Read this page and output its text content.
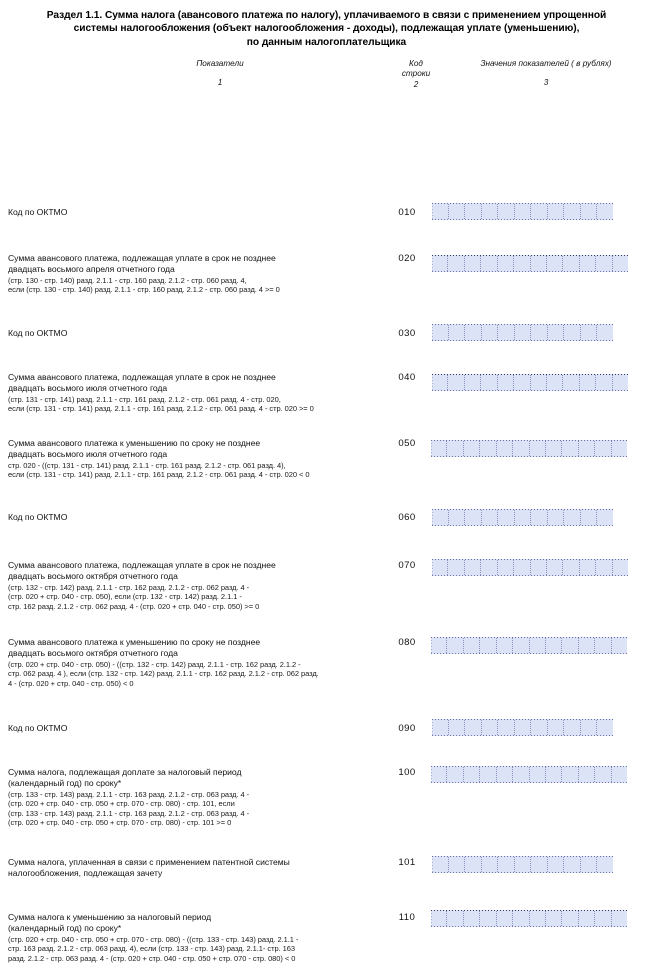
Раздел 1.1. Сумма налога (авансового платежа по налогу), уплачиваемого в связи с применением упрощенной
системы налогообложения (объект налогообложения - доходы), подлежащая уплате (уменьшению),
по данным налогоплательщика
Показатели
1
Код
строки
2
Значения показателей ( в рублях)
3
Код по ОКТМО	010
Сумма авансового платежа, подлежащая уплате в срок не позднее
двадцать восьмого апреля отчетного года
(стр. 130 - стр. 140) разд. 2.1.1 - стр. 160 разд. 2.1.2 - стр. 060 разд. 4,
если (стр. 130 - стр. 140) разд. 2.1.1 - стр. 160 разд. 2.1.2 - стр. 060 разд. 4 >= 0
020
Код по ОКТМО	030
Сумма авансового платежа, подлежащая уплате в срок не позднее
двадцать восьмого июля отчетного года
(стр. 131 - стр. 141) разд. 2.1.1 - стр. 161 разд. 2.1.2 - стр. 061 разд. 4 - стр. 020,
если (стр. 131 - стр. 141) разд. 2.1.1 - стр. 161 разд. 2.1.2 - стр. 061 разд. 4 - стр. 020 >= 0
040
Сумма авансового платежа к уменьшению по сроку не позднее
двадцать восьмого июля отчетного года
стр. 020 - ((стр. 131 - стр. 141) разд. 2.1.1 - стр. 161 разд. 2.1.2 - стр. 061 разд. 4),
если (стр. 131 - стр. 141) разд. 2.1.1 - стр. 161 разд. 2.1.2 - стр. 061 разд. 4 - стр. 020 < 0
050
Код по ОКТМО	060
Сумма авансового платежа, подлежащая уплате в срок не позднее
двадцать восьмого октября отчетного года
(стр. 132 - стр. 142) разд. 2.1.1 - стр. 162 разд. 2.1.2 - стр. 062 разд. 4 -
(стр. 020 + стр. 040 - стр. 050), если (стр. 132 - стр. 142) разд. 2.1.1 -
стр. 162 разд. 2.1.2 - стр. 062 разд. 4 - (стр. 020 + стр. 040 - стр. 050) >= 0
070
Сумма авансового платежа к уменьшению по сроку не позднее
двадцать восьмого октября отчетного года
(стр. 020 + стр. 040 - стр. 050) - ((стр. 132 - стр. 142) разд. 2.1.1 - стр. 162 разд. 2.1.2 -
стр. 062 разд. 4 ), если (стр. 132 - стр. 142) разд. 2.1.1 - стр. 162 разд. 2.1.2 - стр. 062 разд.
4 - (стр. 020 + стр. 040 - стр. 050) < 0
080
Код по ОКТМО	090
Сумма налога, подлежащая доплате за налоговый период
(календарный год) по сроку*
(стр. 133 - стр. 143) разд. 2.1.1 - стр. 163 разд. 2.1.2 - стр. 063 разд. 4 -
(стр. 020 + стр. 040 - стр. 050 + стр. 070 - стр. 080) - стр. 101, если
(стр. 133 - стр. 143) разд. 2.1.1 - стр. 163 разд. 2.1.2 - стр. 063 разд. 4 -
(стр. 020 + стр. 040 - стр. 050 + стр. 070 - стр. 080) - стр. 101 >= 0
100
Сумма налога, уплаченная в связи с применением патентной системы
налогообложения, подлежащая зачету
101
Сумма налога к уменьшению за налоговый период
(календарный год) по сроку*
(стр. 020 + стр. 040 - стр. 050 + стр. 070 - стр. 080) - ((стр. 133 - стр. 143) разд. 2.1.1 -
стр. 163 разд. 2.1.2 - стр. 063 разд. 4), если (стр. 133 - стр. 143) разд. 2.1.1- стр. 163
разд. 2.1.2 - стр. 063 разд. 4 - (стр. 020 + стр. 040 - стр. 050 + стр. 070 - стр. 080) < 0
110
